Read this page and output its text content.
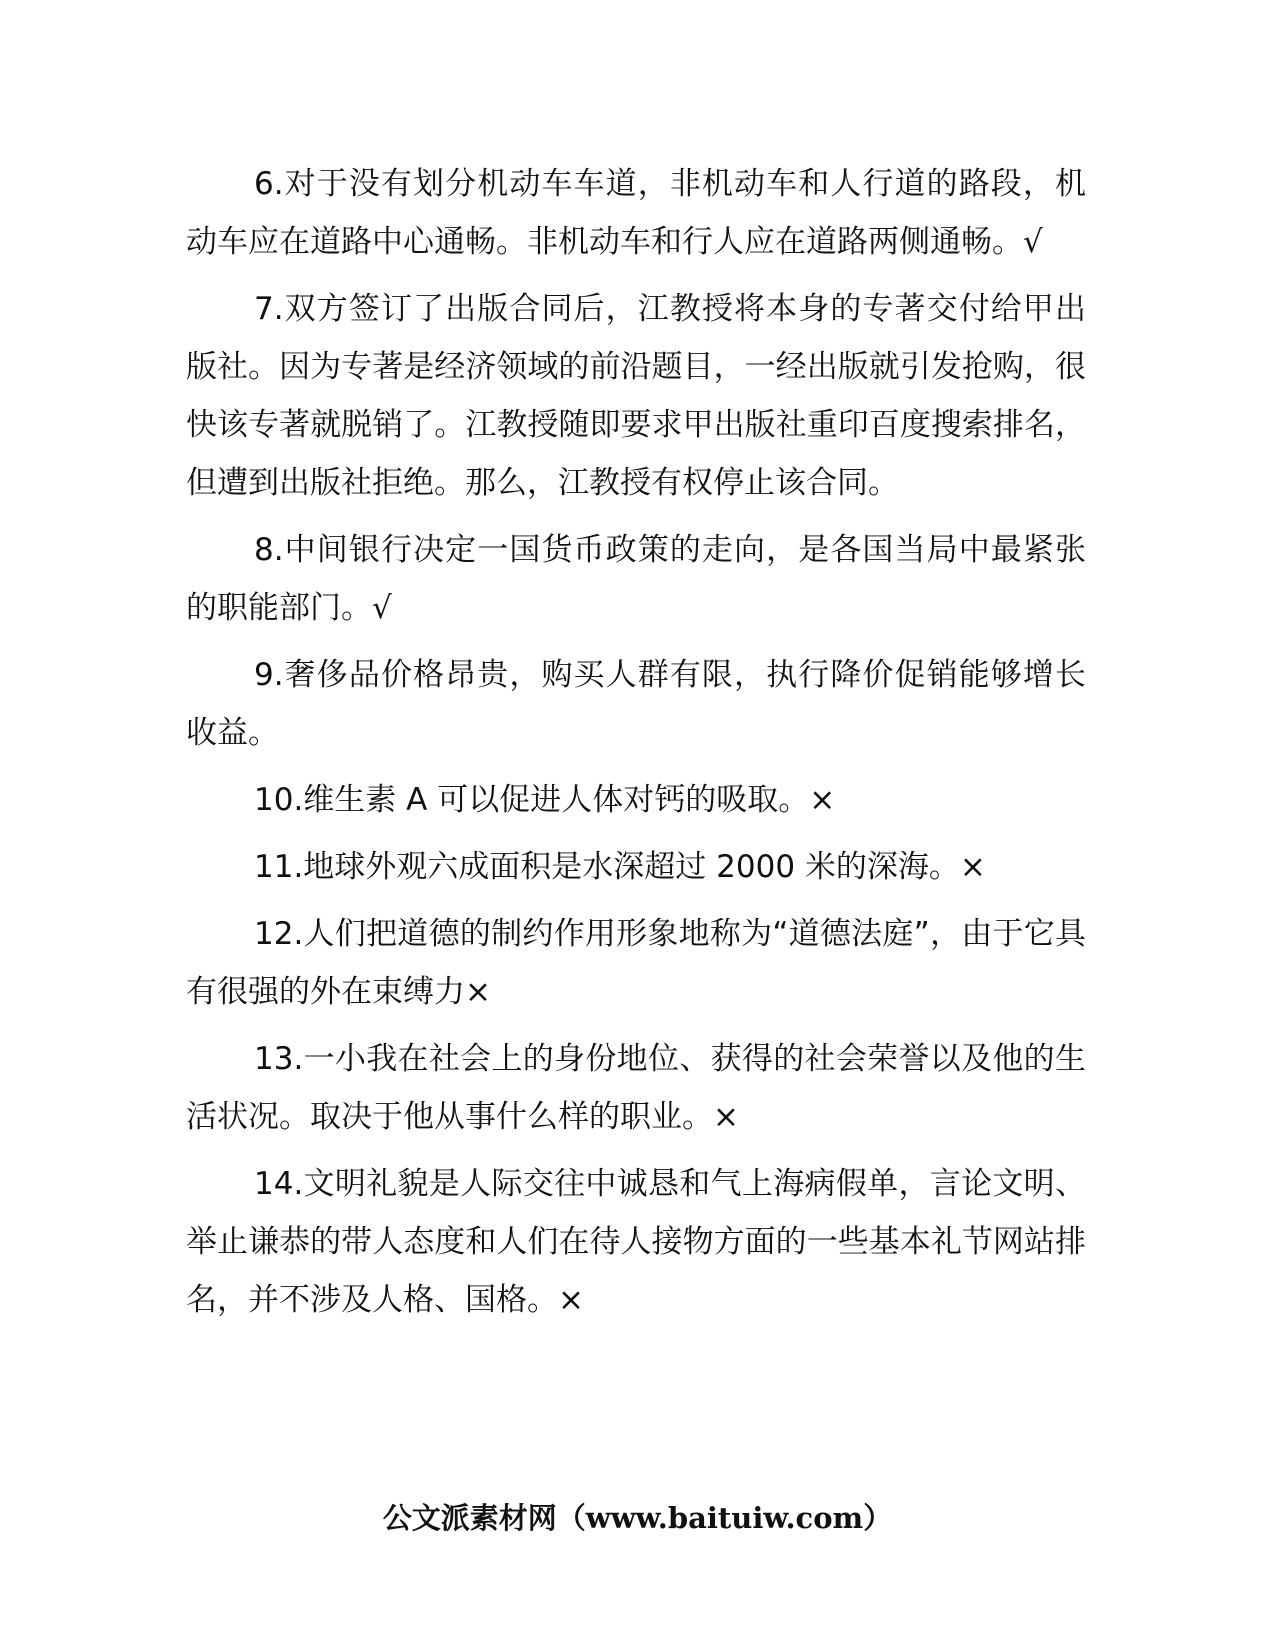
6.对于没有划分机动车车道，非机动车和人行道的路段，机动车应在道路中心通畅。非机动车和行人应在道路两侧通畅。√

7.双方签订了出版合同后，江教授将本身的专著交付给甲出版社。因为专著是经济领域的前沿题目，一经出版就引发抢购，很快该专著就脱销了。江教授随即要求甲出版社重印百度搜索排名，但遭到出版社拒绝。那么，江教授有权停止该合同。

8.中间银行决定一国货币政策的走向，是各国当局中最紧张的职能部门。√

9.奢侈品价格昂贵，购买人群有限，执行降价促销能够增长收益。

10.维生素 A 可以促进人体对钙的吸取。×

11.地球外观六成面积是水深超过 2000 米的深海。×

12.人们把道德的制约作用形象地称为“道德法庭”，由于它具有很强的外在束缚力×

13.一小我在社会上的身份地位、获得的社会荣誉以及他的生活状况。取决于他从事什么样的职业。×

14.文明礼貌是人际交往中诚恳和气上海病假单，言论文明、举止谦恭的带人态度和人们在待人接物方面的一些基本礼节网站排名，并不涉及人格、国格。×

公文派素材网（www.baituiw.com）
